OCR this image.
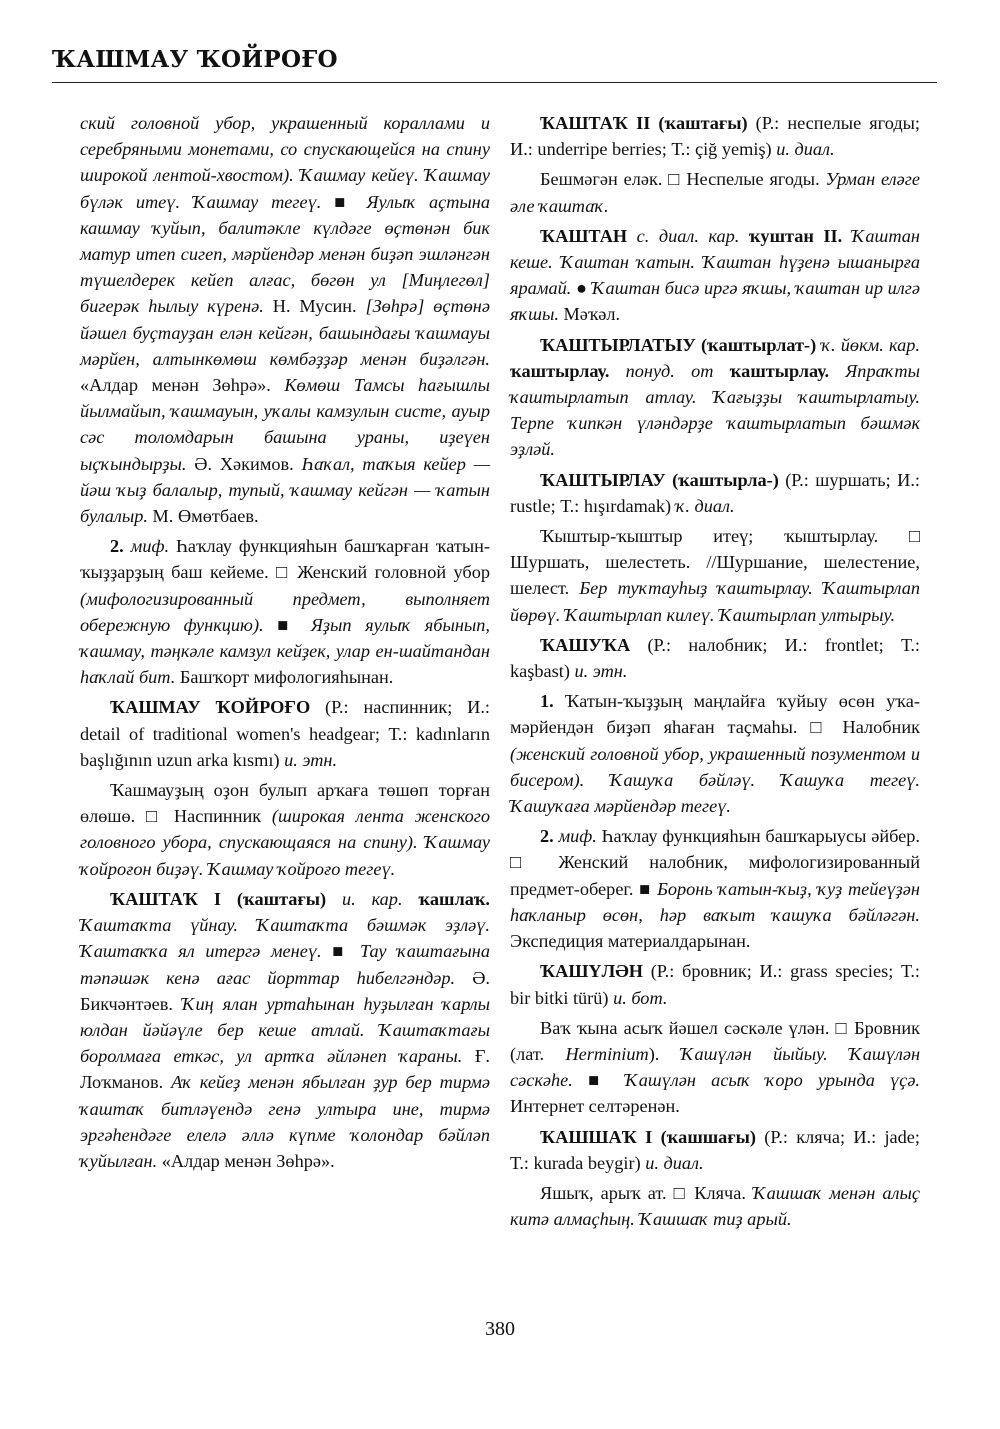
ҠАШМАУ ҠОЙРОҒО

ский головной убор, украшенный кораллами и серебряными монетами, со спускающейся на спину широкой лентой-хвостом). Ҡашмау кейеү. Ҡашмау бүләк итеү. Ҡашмау тегеү. ■ Яулыҡ аҫтына кашмау ҡуйып, балитәкле күлдәге өҫтөнән бик матур итеп сигеп, мәрйендәр менән биҙәп эшләнгән түшелдерек кейеп алғас, бөгөн ул [Миңлегөл] бигерәк һылыу күренә. Н. Мусин. [Зөһрә] өҫтөнә йәшел буҫтауҙан елән кейгән, башындағы ҡашмауы мәрйен, алтынкөмөш көмбәҙҙәр менән биҙәлгән. «Алдар менән Зөһрә». Көмөш Тамсы һағышлы йылмайып, ҡашмауын, уҡалы камзулын систе, ауыр сәс толомдарын башына ураны, иҙеүен ыҫҡындырҙы. Ә. Хәкимов. Һаҡал, таҡыя кейер — йәш ҡыҙ балалыр, тупый, ҡашмау кейгән — ҡатын булалыр. М. Өмөтбаев.

2. миф. Һаҡлау функцияһын башҡарған ҡатын-ҡыҙҙарҙың баш кейеме. □ Женский головной убор (мифологизированный предмет, выполняет обережную функцию). ■ Яҙып яулыҡ ябынып, ҡашмау, тәңкәле камзул кейҙек, улар ен-шайтандан һаҡлай бит. Башҡорт мифологияһынан.

ҠАШМАУ ҠОЙРОҒО (Р.: наспинник; И.: detail of traditional women's headgear; Т.: kadınların başlığının uzun arka kısmı) и. этн.

Ҡашмауҙың оҙон булып арҡаға төшөп торған өлөшө. □ Наспинник (широкая лента женского головного убора, спускающаяся на спину). Ҡашмау ҡойроғон биҙәү. Ҡашмау ҡойроғо тегеү.

ҠАШТАҠ I (ҡаштағы) и. кар. ҡашлаҡ. Ҡаштаҡта үйнау. Ҡаштаҡта бәшмәк эҙләү. Ҡаштаҡҡа ял итергә менеү. ■ Тау ҡаштағына тәпәшәк кенә ағас йорттар һибелгәндәр. Ә. Бикчәнтәев. Ҡиң ялан уртаһынан һуҙылған ҡарлы юлдан йәйәүле бер кеше атлай. Ҡаштаҡтағы боролмаға еткәс, ул артҡа әйләнеп ҡараны. Ғ. Лоҡманов. Аҡ кейеҙ менән ябылған ҙур бер тирмә ҡаштаҡ битләүендә генә ултыра ине, тирмә эргәһендәге елелә әллә күпме ҡолондар бәйләп ҡуйылған. «Алдар менән Зөһрә».

ҠАШТАҠ II (ҡаштағы) (Р.: неспелые ягоды; И.: underripe berries; Т.: çiğ yemiş) и. диал.

Бешмәгән еләк. □ Неспелые ягоды. Урман еләге әле ҡаштаҡ.

ҠАШТАН с. диал. кар. ҡуштан II. Ҡаштан кеше. Ҡаштан ҡатын. Ҡаштан һүҙенә ышанырға ярамай. ● Ҡаштан бисә иргә яҡшы, ҡаштан ир илгә яҡшы. Мәҡәл.

ҠАШТЫРЛАТЫУ (ҡаштырлат-) ҡ. йөкм. кар. ҡаштырлау. понуд. от ҡаштырлау. Япраҡты ҡаштырлатып атлау. Ҡағыҙҙы ҡаштырлатыу. Терпе ҡипкән үләндәрҙе ҡаштырлатып бәшмәк эҙләй.

ҠАШТЫРЛАУ (ҡаштырла-) (Р.: шуршать; И.: rustle; Т.: hışırdamak) ҡ. диал.

Ҡыштыр-ҡыштыр итеү; ҡыштырлау. □ Шуршать, шелестеть. //Шуршание, шелестение, шелест. Бер туҡтауһыҙ ҡаштырлау. Ҡаштырлап йөрөү. Ҡаштырлап килеү. Ҡаштырлап ултырыу.

ҠАШУҠА (Р.: налобник; И.: frontlet; Т.: kaşbast) и. этн.

1. Ҡатын-ҡыҙҙың маңлайға ҡуйыу өсөн уҡа-мәрйендән биҙәп яһаған таҫмаһы. □ Налобник (женский головной убор, украшенный позументом и бисером). Ҡашуҡа бәйләү. Ҡашуҡа тегеү. Ҡашуҡаға мәрйендәр тегеү.

2. миф. Һаҡлау функцияһын башҡарыусы әйбер. □ Женский налобник, мифологизированный предмет-оберег. ■ Боронь ҡатын-ҡыҙ, ҡуҙ тейеүҙән һаҡланыр өсөн, һәр ваҡыт ҡашуҡа бәйләгән. Экспедиция материалдарынан.

ҠАШҮЛӘН (Р.: бровник; И.: grass species; Т.: bir bitki türü) и. бот.

Ваҡ ҡына асыҡ йәшел сәскәле үлән. □ Бровник (лат. Herminium). Ҡашүлән йыйыу. Ҡашүлән сәскәһе. ■ Ҡашүлән асыҡ ҡоро урында үҫә. Интернет селтәренән.

ҠАШШАҠ I (ҡашшағы) (Р.: кляча; И.: jade; Т.: kurada beygir) и. диал.

Яшыҡ, арыҡ ат. □ Кляча. Ҡашшаҡ менән алыҫ китә алмаҫһың. Ҡашшаҡ тиҙ арый.

380
